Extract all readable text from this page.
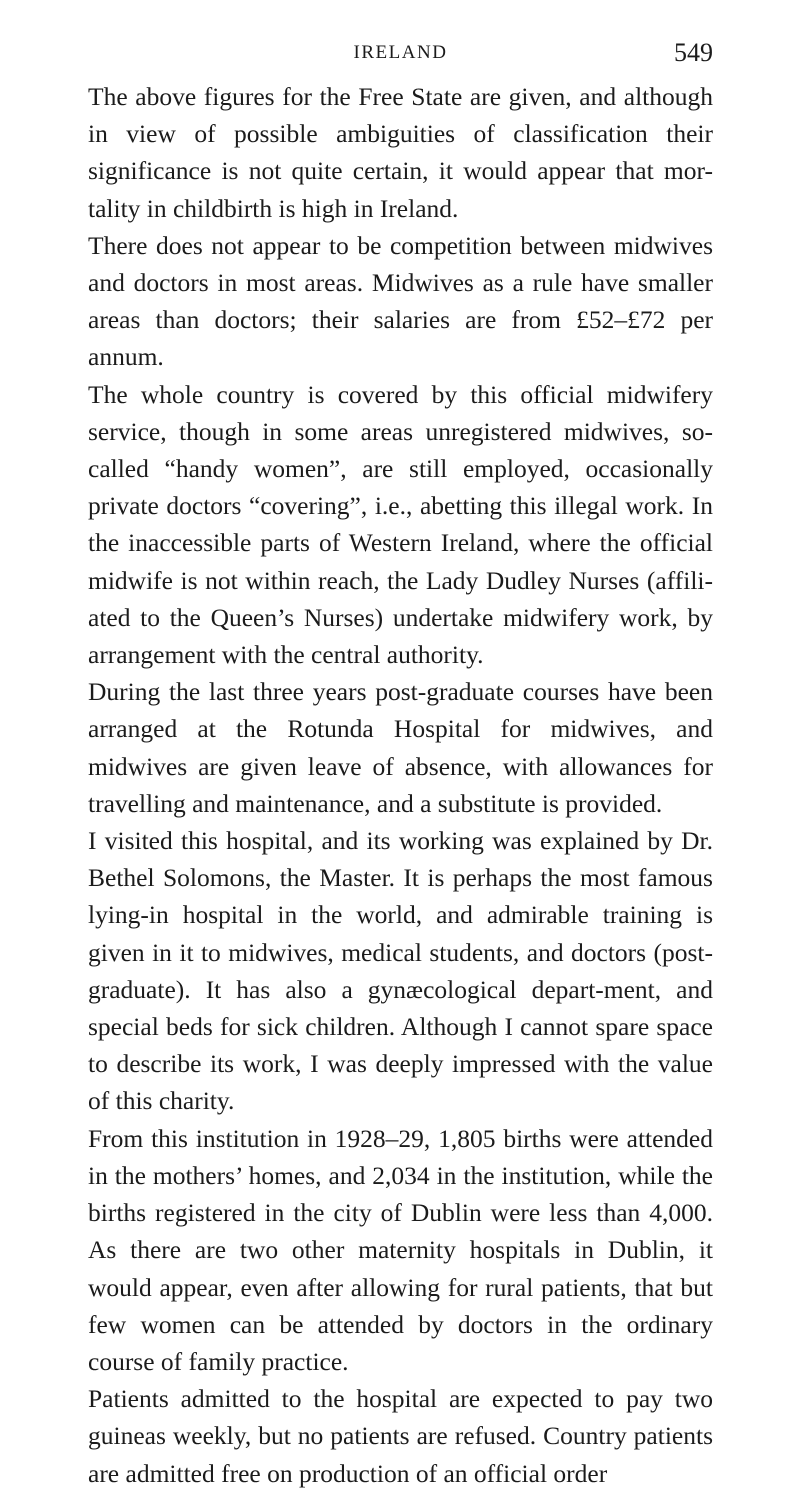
IRELAND	549

The above figures for the Free State are given, and although in view of possible ambiguities of classification their significance is not quite certain, it would appear that mor-tality in childbirth is high in Ireland.

There does not appear to be competition between midwives and doctors in most areas. Midwives as a rule have smaller areas than doctors; their salaries are from £52–£72 per annum.

The whole country is covered by this official midwifery service, though in some areas unregistered midwives, so-called “handy women”, are still employed, occasionally private doctors “covering”, i.e., abetting this illegal work. In the inaccessible parts of Western Ireland, where the official midwife is not within reach, the Lady Dudley Nurses (affili-ated to the Queen’s Nurses) undertake midwifery work, by arrangement with the central authority.

During the last three years post-graduate courses have been arranged at the Rotunda Hospital for midwives, and midwives are given leave of absence, with allowances for travelling and maintenance, and a substitute is provided.

I visited this hospital, and its working was explained by Dr. Bethel Solomons, the Master. It is perhaps the most famous lying-in hospital in the world, and admirable training is given in it to midwives, medical students, and doctors (post-graduate). It has also a gynæcological depart-ment, and special beds for sick children. Although I cannot spare space to describe its work, I was deeply impressed with the value of this charity.

From this institution in 1928–29, 1,805 births were attended in the mothers’ homes, and 2,034 in the institution, while the births registered in the city of Dublin were less than 4,000. As there are two other maternity hospitals in Dublin, it would appear, even after allowing for rural patients, that but few women can be attended by doctors in the ordinary course of family practice.

Patients admitted to the hospital are expected to pay two guineas weekly, but no patients are refused. Country patients are admitted free on production of an official order
